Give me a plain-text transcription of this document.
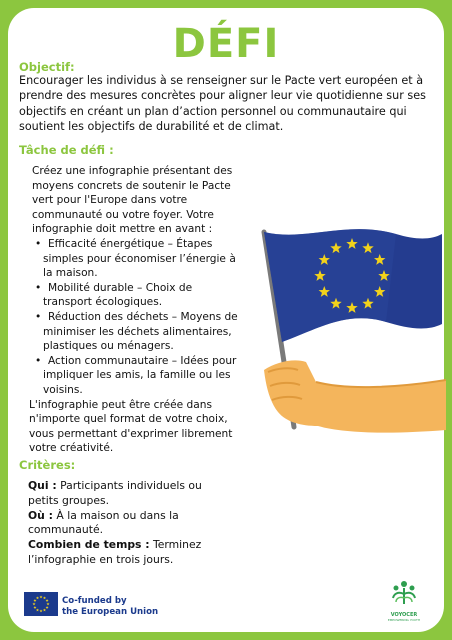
DÉFI
Objectif:
Encourager les individus à se renseigner sur le Pacte vert européen et à
prendre des mesures concrètes pour aligner leur vie quotidienne sur ses
objectifs en créant un plan d’action personnel ou communautaire qui
soutient les objectifs de durabilité et de climat.
Tâche de défi :
Créez une infographie présentant des
moyens concrets de soutenir le Pacte
vert pour l'Europe dans votre
communauté ou votre foyer. Votre
infographie doit mettre en avant :
•  Efficacité énergétique – Étapes
simples pour économiser l’énergie à
la maison.
•  Mobilité durable – Choix de
transport écologiques.
•  Réduction des déchets – Moyens de
minimiser les déchets alimentaires,
plastiques ou ménagers.
•  Action communautaire – Idées pour
impliquer les amis, la famille ou les
voisins.
L'infographie peut être créée dans
n'importe quel format de votre choix,
vous permettant d'exprimer librement
votre créativité.
Critères:
Qui : Participants individuels ou
petits groupes.
Où : À la maison ou dans la
communauté.
Combien de temps : Terminez
l’infographie en trois jours.
Co-funded by
the European Union	VOYOCER
EMPOWERING YOUTH
